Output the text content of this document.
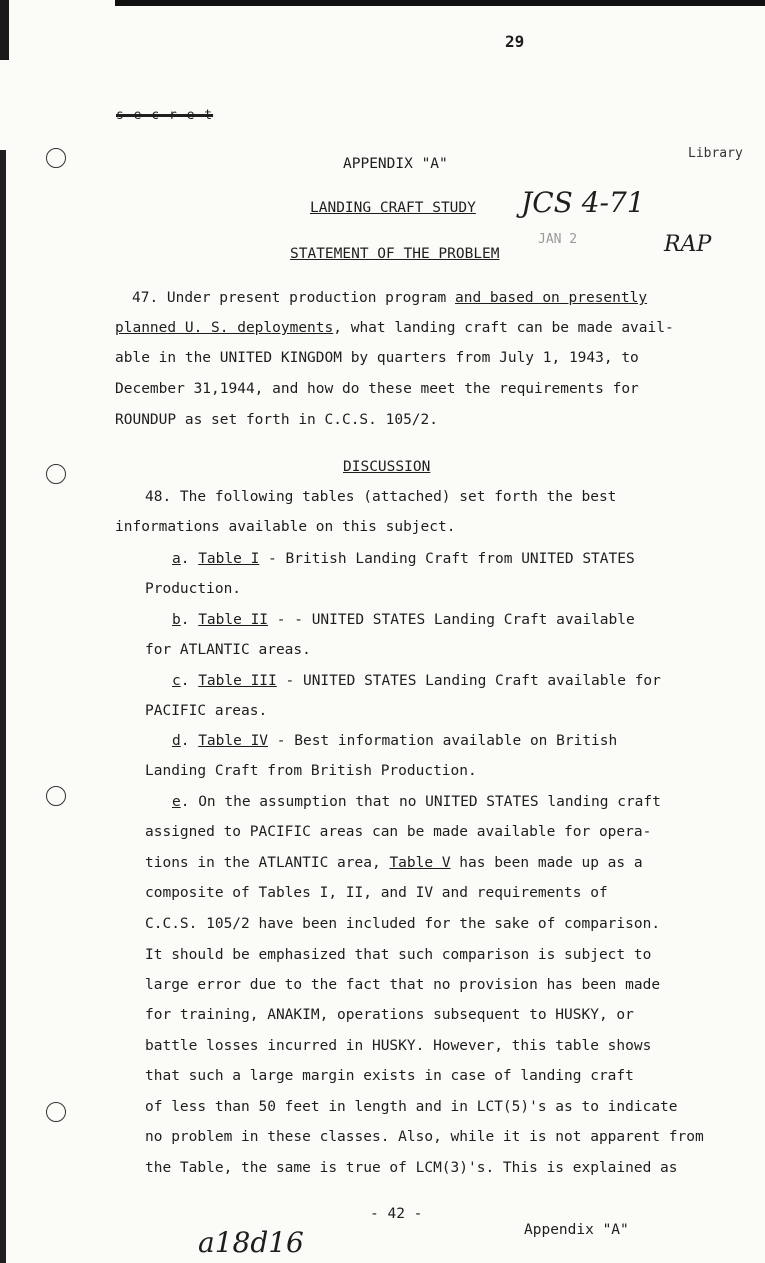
29
s e c r e t
Library
JAN 2	RAP
JCS 4-71
APPENDIX "A"
LANDING CRAFT STUDY
STATEMENT OF THE PROBLEM
47. Under present production program and based on presently
planned U. S. deployments, what landing craft can be made avail-
able in the UNITED KINGDOM by quarters from July 1, 1943, to
December 31,1944, and how do these meet the requirements for
ROUNDUP as set forth in C.C.S. 105/2.
DISCUSSION
48. The following tables (attached) set forth the best
informations available on this subject.
a. Table I - British Landing Craft from UNITED STATES
Production.
b. Table II - - UNITED STATES Landing Craft available
for ATLANTIC areas.
c. Table III - UNITED STATES Landing Craft available for
PACIFIC areas.
d. Table IV - Best information available on British
Landing Craft from British Production.
e. On the assumption that no UNITED STATES landing craft
assigned to PACIFIC areas can be made available for opera-
tions in the ATLANTIC area, Table V has been made up as a
composite of Tables I, II, and IV and requirements of
C.C.S. 105/2 have been included for the sake of comparison.
It should be emphasized that such comparison is subject to
large error due to the fact that no provision has been made
for training, ANAKIM, operations subsequent to HUSKY, or
battle losses incurred in HUSKY. However, this table shows
that such a large margin exists in case of landing craft
of less than 50 feet in length and in LCT(5)'s as to indicate
no problem in these classes. Also, while it is not apparent from
the Table, the same is true of LCM(3)'s. This is explained as
- 42 -
Appendix "A"
a18d16
